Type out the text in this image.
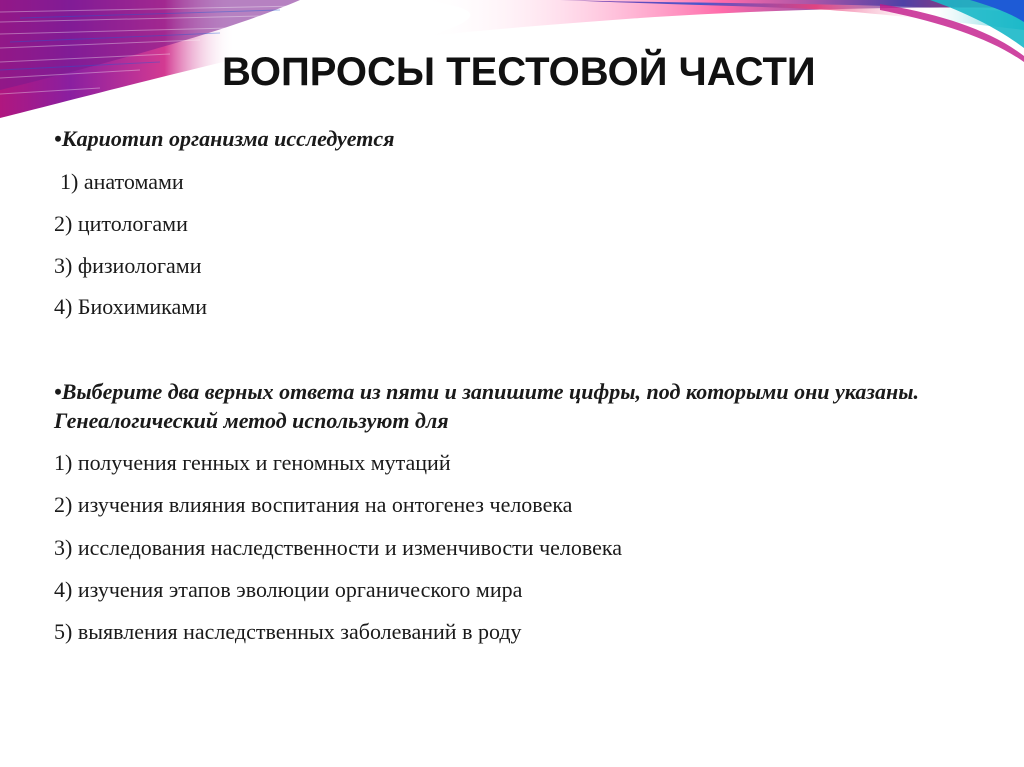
ВОПРОСЫ ТЕСТОВОЙ ЧАСТИ
•Кариотип организма исследуется
1) анатомами
2) цитологами
3) физиологами
4) Биохимиками
•Выберите два верных ответа из пяти и запишите цифры, под которыми они указаны. Генеалогический метод используют для
1) получения генных и геномных мутаций
2) изучения влияния воспитания на онтогенез человека
3) исследования наследственности и изменчивости человека
4) изучения этапов эволюции органического мира
5) выявления наследственных заболеваний в роду
